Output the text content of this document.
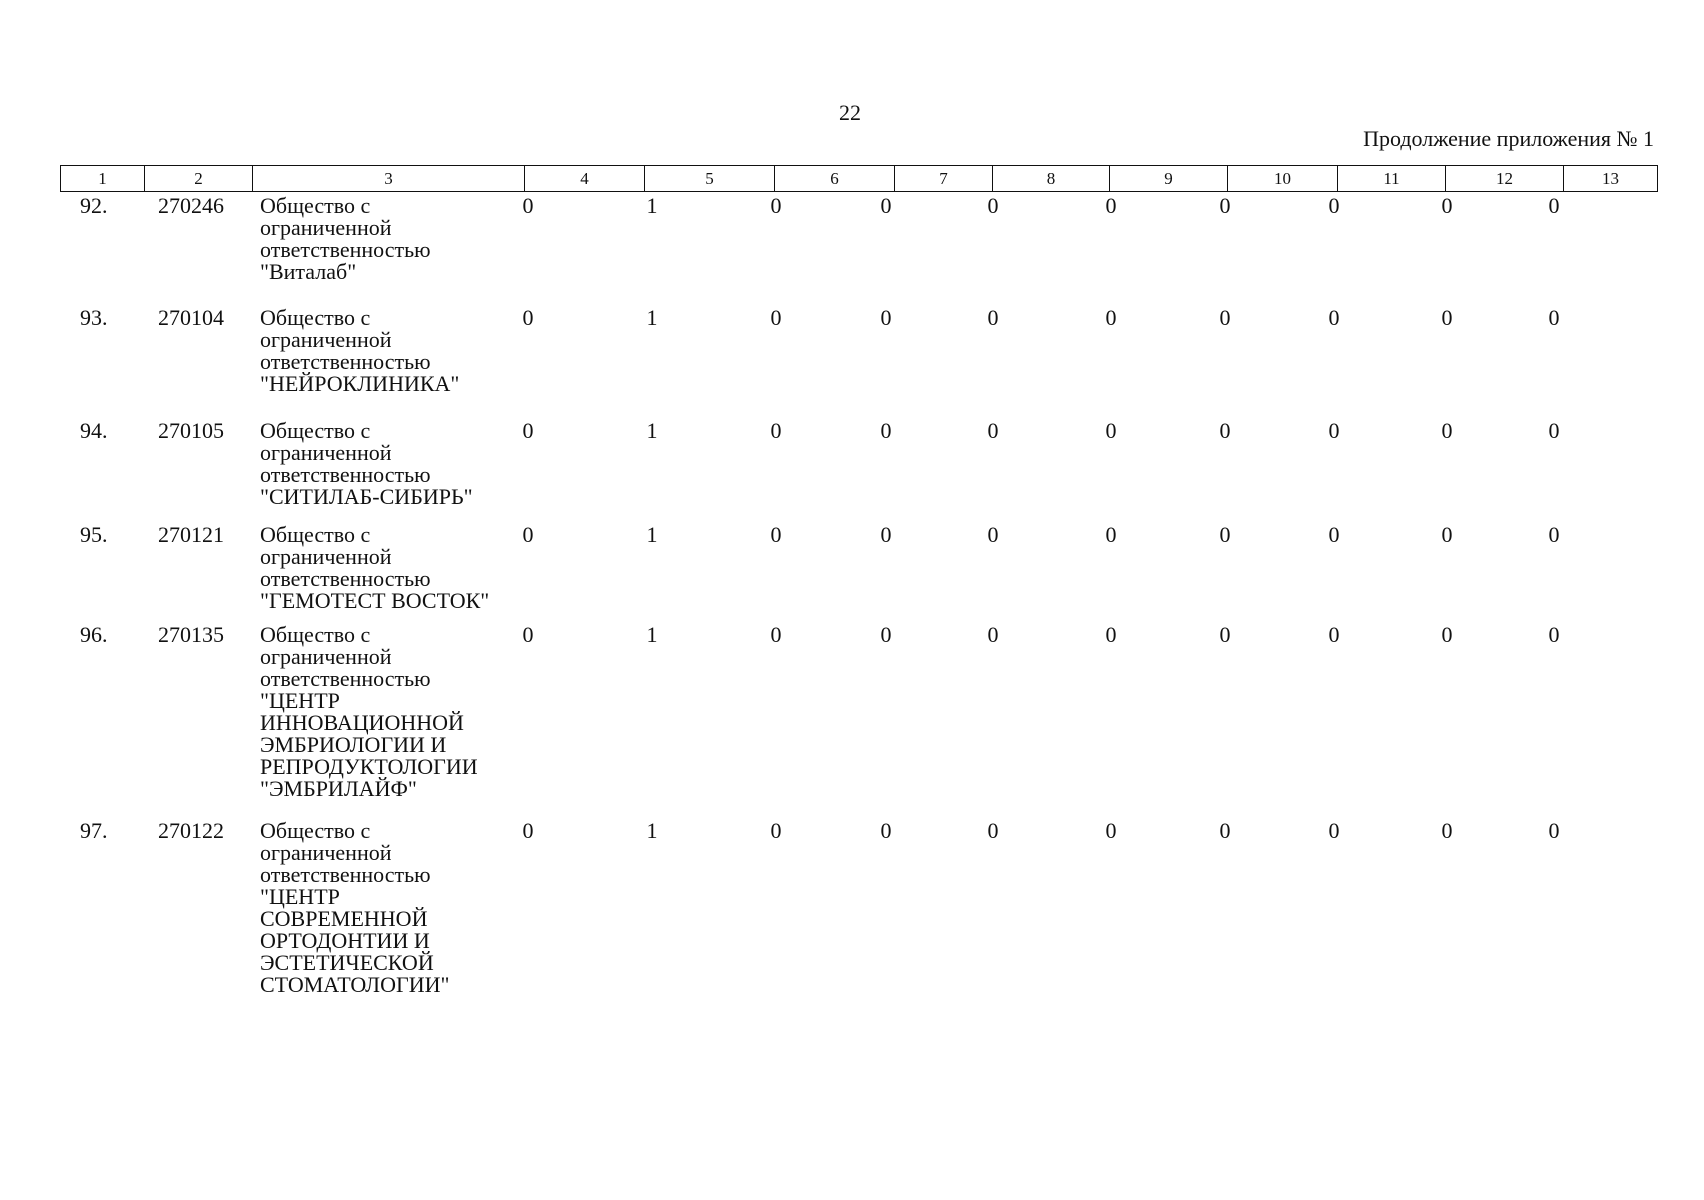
22
Продолжение приложения № 1
1	2	3	4	5	6	7	8	9	10	11	12	13
92.	270246	Общество с
ограниченной
ответственностью
"Виталаб"
0	1	0	0	0	0	0	0	0	0
93.	270104	Общество с
ограниченной
ответственностью
"НЕЙРОКЛИНИКА"
0	1	0	0	0	0	0	0	0	0
94.	270105	Общество с
ограниченной
ответственностью
"СИТИЛАБ-СИБИРЬ"
0	1	0	0	0	0	0	0	0	0
95.	270121	Общество с
ограниченной
ответственностью
"ГЕМОТЕСТ ВОСТОК"
0	1	0	0	0	0	0	0	0	0
96.	270135	Общество с
ограниченной
ответственностью
"ЦЕНТР
ИННОВАЦИОННОЙ
ЭМБРИОЛОГИИ И
РЕПРОДУКТОЛОГИИ
"ЭМБРИЛАЙФ"
0	1	0	0	0	0	0	0	0	0
97.	270122	Общество с
ограниченной
ответственностью
"ЦЕНТР
СОВРЕМЕННОЙ
ОРТОДОНТИИ И
ЭСТЕТИЧЕСКОЙ
СТОМАТОЛОГИИ"
0	1	0	0	0	0	0	0	0	0
